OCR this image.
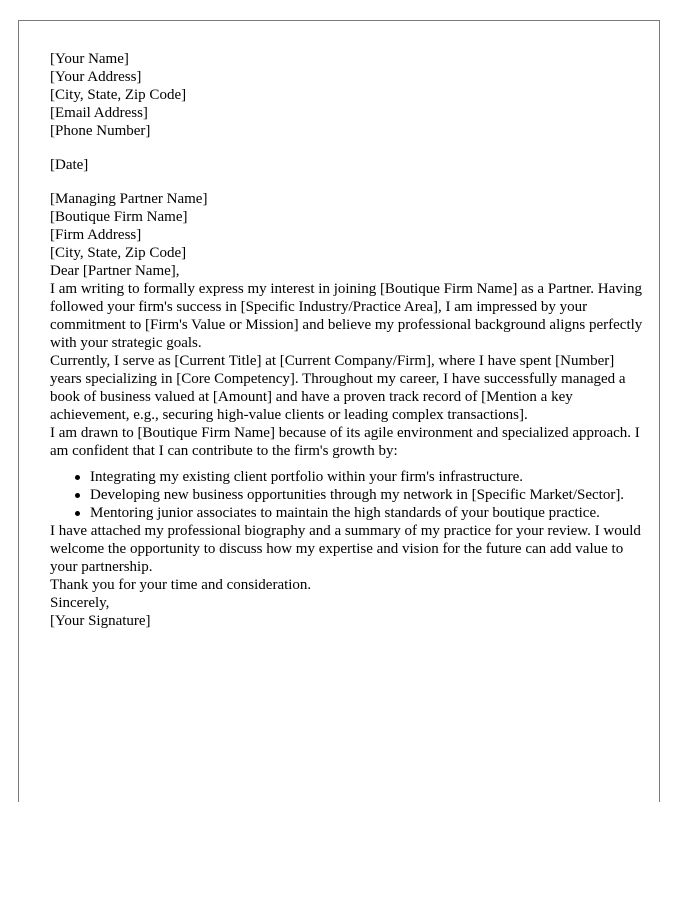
[Your Name]
[Your Address]
[City, State, Zip Code]
[Email Address]
[Phone Number]
[Date]
[Managing Partner Name]
[Boutique Firm Name]
[Firm Address]
[City, State, Zip Code]

Dear [Partner Name],

I am writing to formally express my interest in joining [Boutique Firm Name] as a Partner. Having followed your firm's success in [Specific Industry/Practice Area], I am impressed by your commitment to [Firm's Value or Mission] and believe my professional background aligns perfectly with your strategic goals.

Currently, I serve as [Current Title] at [Current Company/Firm], where I have spent [Number] years specializing in [Core Competency]. Throughout my career, I have successfully managed a book of business valued at [Amount] and have a proven track record of [Mention a key achievement, e.g., securing high-value clients or leading complex transactions].

I am drawn to [Boutique Firm Name] because of its agile environment and specialized approach. I am confident that I can contribute to the firm's growth by:

Integrating my existing client portfolio within your firm's infrastructure.
Developing new business opportunities through my network in [Specific Market/Sector].
Mentoring junior associates to maintain the high standards of your boutique practice.

I have attached my professional biography and a summary of my practice for your review. I would welcome the opportunity to discuss how my expertise and vision for the future can add value to your partnership.

Thank you for your time and consideration.

Sincerely,

[Your Signature]
